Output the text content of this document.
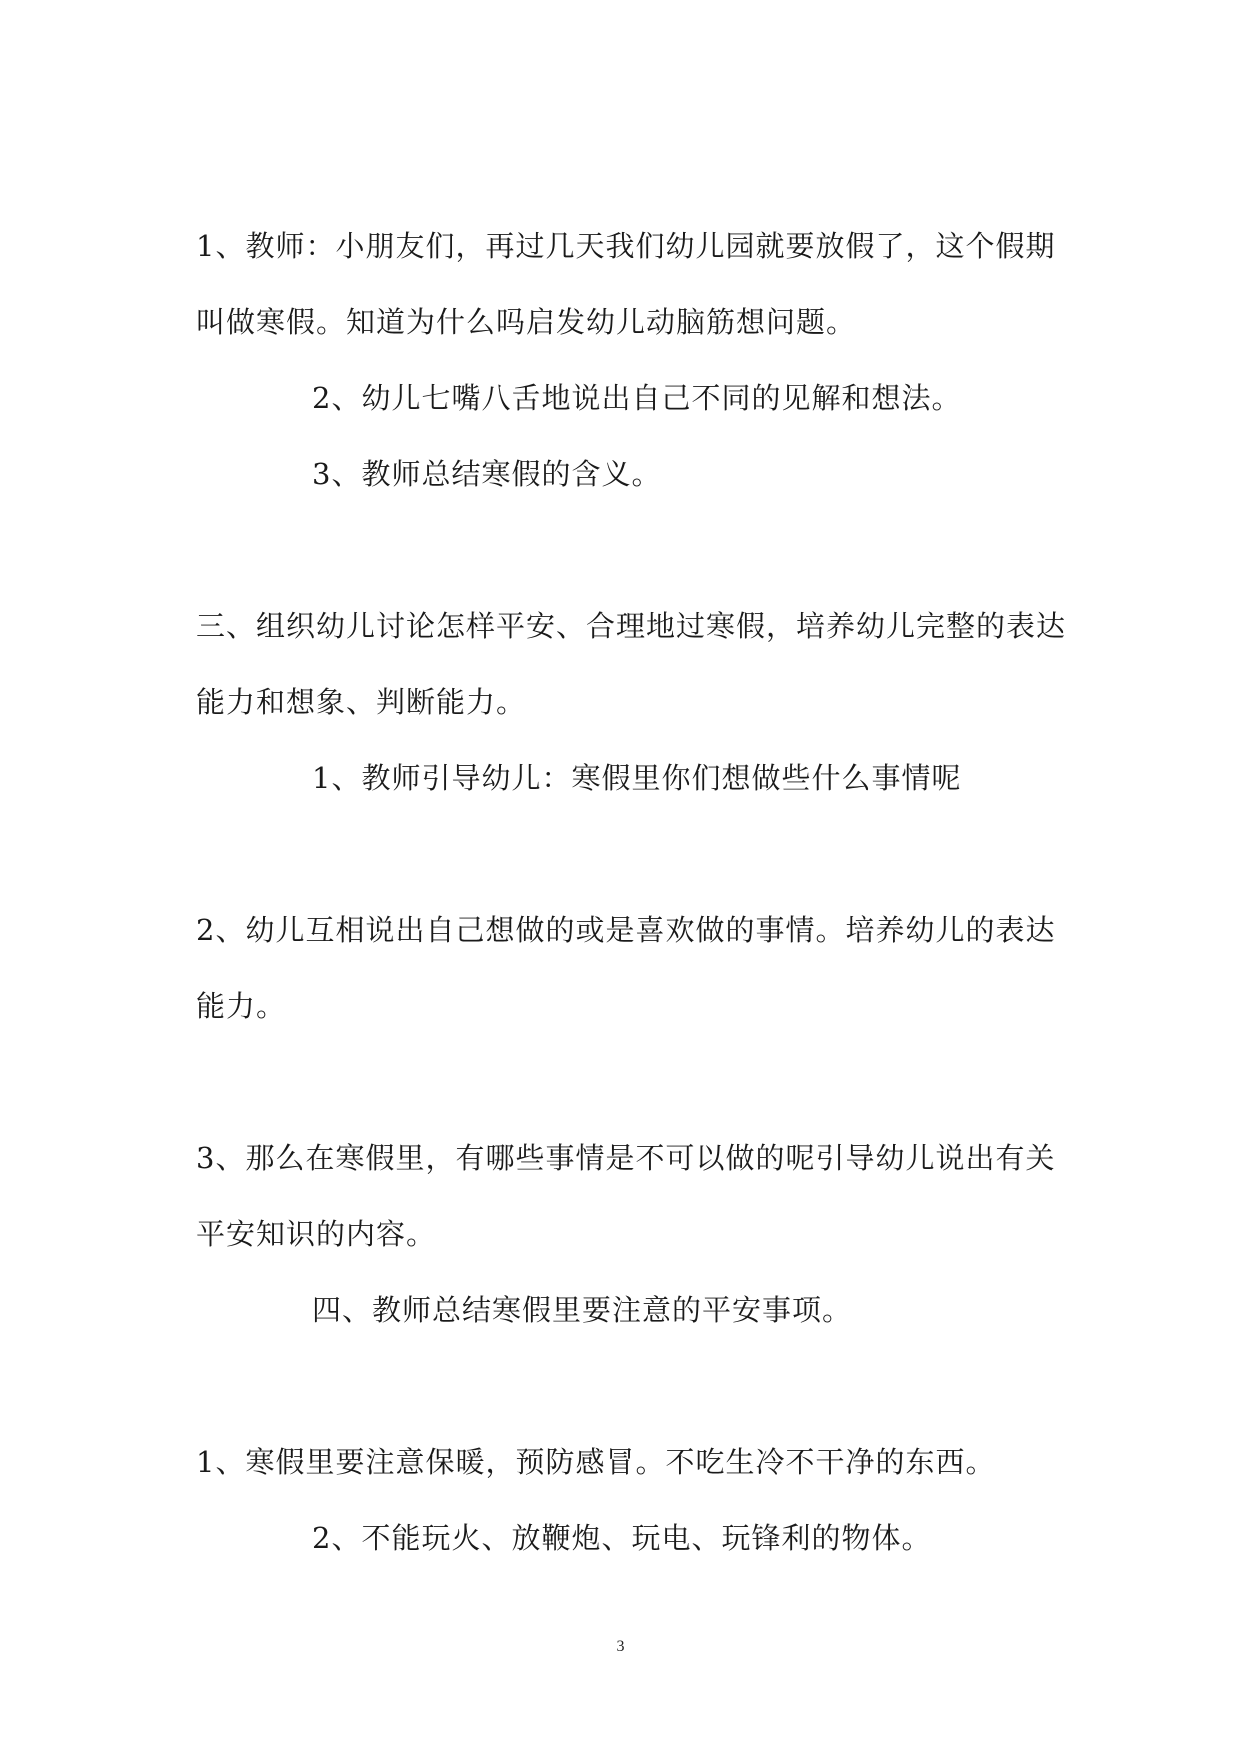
1、教师：小朋友们，再过几天我们幼儿园就要放假了，这个假期
叫做寒假。知道为什么吗启发幼儿动脑筋想问题。
2、幼儿七嘴八舌地说出自己不同的见解和想法。
3、教师总结寒假的含义。
三、组织幼儿讨论怎样平安、合理地过寒假，培养幼儿完整的表达
能力和想象、判断能力。
1、教师引导幼儿：寒假里你们想做些什么事情呢
2、幼儿互相说出自己想做的或是喜欢做的事情。培养幼儿的表达
能力。
3、那么在寒假里，有哪些事情是不可以做的呢引导幼儿说出有关
平安知识的内容。
四、教师总结寒假里要注意的平安事项。
1、寒假里要注意保暖，预防感冒。不吃生冷不干净的东西。
2、不能玩火、放鞭炮、玩电、玩锋利的物体。
3
